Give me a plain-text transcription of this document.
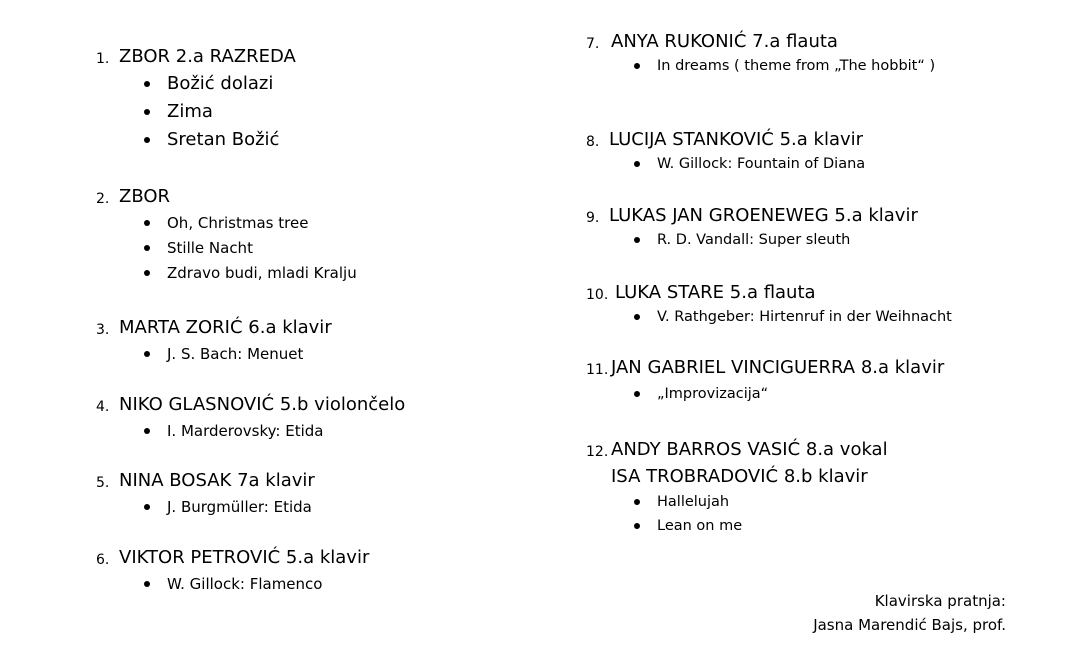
1. ZBOR 2.a RAZREDA
Božić dolazi
Zima
Sretan Božić
2. ZBOR
Oh, Christmas tree
Stille Nacht
Zdravo budi, mladi Kralju
3. MARTA ZORIĆ 6.a klavir
J. S. Bach: Menuet
4. NIKO GLASNOVIĆ 5.b violončelo
I. Marderovsky: Etida
5. NINA BOSAK 7a klavir
J. Burgmüller: Etida
6. VIKTOR PETROVIĆ 5.a klavir
W. Gillock: Flamenco
7. ANYA RUKONIĆ 7.a flauta
In dreams ( theme from „The hobbit“ )
8. LUCIJA STANKOVIĆ 5.a klavir
W. Gillock: Fountain of Diana
9. LUKAS JAN GROENEWEG 5.a klavir
R. D. Vandall: Super sleuth
10. LUKA STARE 5.a flauta
V. Rathgeber: Hirtenruf in der Weihnacht
11. JAN GABRIEL VINCIGUERRA 8.a klavir
„Improvizacija“
12. ANDY BARROS VASIĆ 8.a vokal
ISA TROBRADOVIĆ 8.b klavir
Hallelujah
Lean on me
Klavirska pratnja:
Jasna Marendić Bajs, prof.
